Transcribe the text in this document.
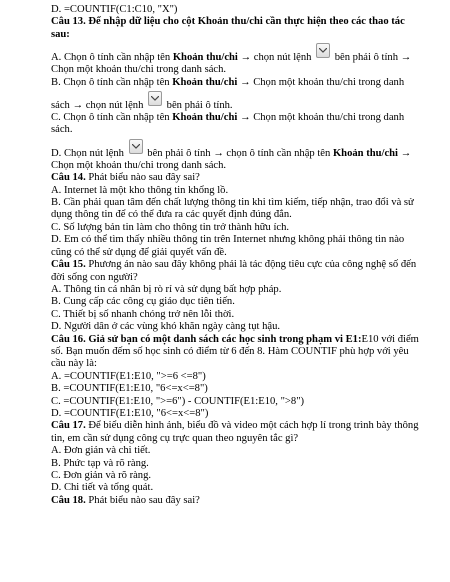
D. =COUNTIF(C1:C10, "X")
Câu 13. Để nhập dữ liệu cho cột Khoản thu/chi cần thực hiện theo các thao tác
sau:
A. Chọn ô tính cần nhập tên Khoản thu/chi → chọn nút lệnh
bên phải ô tính →
Chọn một khoản thu/chi trong danh sách.
B. Chọn ô tính cần nhập tên Khoản thu/chi → Chọn một khoản thu/chi trong danh
sách → chọn nút lệnh
bên phải ô tính.
C. Chọn ô tính cần nhập tên Khoản thu/chi → Chọn một khoản thu/chi trong danh
sách.
D. Chọn nút lệnh
bên phải ô tính → chọn ô tính cần nhập tên Khoản thu/chi →
Chọn một khoản thu/chi trong danh sách.
Câu 14. Phát biểu nào sau đây sai?
A. Internet là một kho thông tin khổng lồ.
B. Cần phải quan tâm đến chất lượng thông tin khi tìm kiếm, tiếp nhận, trao đổi và sử
dụng thông tin để có thể đưa ra các quyết định đúng đắn.
C. Số lượng bản tin làm cho thông tin trở thành hữu ích.
D. Em có thể tìm thấy nhiều thông tin trên Internet nhưng không phải thông tin nào
cũng có thể sử dụng để giải quyết vấn đề.
Câu 15. Phương án nào sau đây không phải là tác động tiêu cực của công nghệ số đến
đời sống con người?
A. Thông tin cá nhân bị rò rỉ và sử dụng bất hợp pháp.
B. Cung cấp các công cụ giáo dục tiên tiến.
C. Thiết bị số nhanh chóng trở nên lỗi thời.
D. Người dân ở các vùng khó khăn ngày càng tụt hậu.
Câu 16. Giả sử bạn có một danh sách các học sinh trong phạm vi E1:E10 với điểm
số. Bạn muốn đếm số học sinh có điểm từ 6 đến 8. Hàm COUNTIF phù hợp với yêu
cầu này là:
A. =COUNTIF(E1:E10, ">=6 <=8")
B. =COUNTIF(E1:E10, "6<=x<=8")
C. =COUNTIF(E1:E10, ">=6") - COUNTIF(E1:E10, ">8")
D. =COUNTIF(E1:E10, "6<=x<=8")
Câu 17. Để biểu diễn hình ảnh, biểu đồ và video một cách hợp lí trong trình bày thông
tin, em cần sử dụng công cụ trực quan theo nguyên tắc gì?
A. Đơn giản và chi tiết.
B. Phức tạp và rõ ràng.
C. Đơn giản và rõ ràng.
D. Chi tiết và tổng quát.
Câu 18. Phát biểu nào sau đây sai?
